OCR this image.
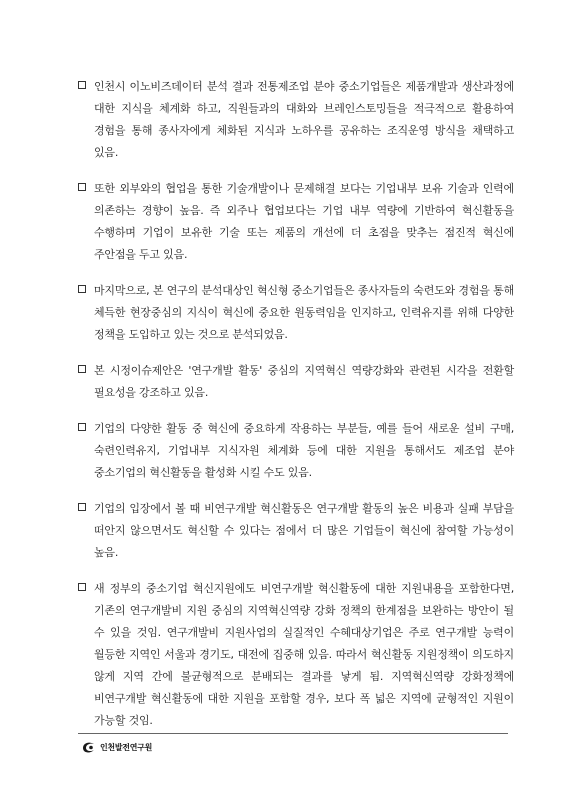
인천시 이노비즈데이터 분석 결과 전통제조업 분야 중소기업들은 제품개발과 생산과정에 대한 지식을 체계화 하고, 직원들과의 대화와 브레인스토밍들을 적극적으로 활용하여 경험을 통해 종사자에게 체화된 지식과 노하우를 공유하는 조직운영 방식을 채택하고 있음.

또한 외부와의 협업을 통한 기술개발이나 문제해결 보다는 기업내부 보유 기술과 인력에 의존하는 경향이 높음. 즉 외주나 협업보다는 기업 내부 역량에 기반하여 혁신활동을 수행하며 기업이 보유한 기술 또는 제품의 개선에 더 초점을 맞추는 점진적 혁신에 주안점을 두고 있음.

마지막으로, 본 연구의 분석대상인 혁신형 중소기업들은 종사자들의 숙련도와 경험을 통해 체득한 현장중심의 지식이 혁신에 중요한 원동력임을 인지하고, 인력유지를 위해 다양한 정책을 도입하고 있는 것으로 분석되었음.

본 시정이슈제안은 '연구개발 활동' 중심의 지역혁신 역량강화와 관련된 시각을 전환할 필요성을 강조하고 있음.

기업의 다양한 활동 중 혁신에 중요하게 작용하는 부분들, 예를 들어 새로운 설비 구매, 숙련인력유지, 기업내부 지식자원 체계화 등에 대한 지원을 통해서도 제조업 분야 중소기업의 혁신활동을 활성화 시킬 수도 있음.

기업의 입장에서 볼 때 비연구개발 혁신활동은 연구개발 활동의 높은 비용과 실패 부담을 떠안지 않으면서도 혁신할 수 있다는 점에서 더 많은 기업들이 혁신에 참여할 가능성이 높음.

새 정부의 중소기업 혁신지원에도 비연구개발 혁신활동에 대한 지원내용을 포함한다면, 기존의 연구개발비 지원 중심의 지역혁신역량 강화 정책의 한계점을 보완하는 방안이 될 수 있을 것임. 연구개발비 지원사업의 실질적인 수혜대상기업은 주로 연구개발 능력이 월등한 지역인 서울과 경기도, 대전에 집중해 있음. 따라서 혁신활동 지원정책이 의도하지 않게 지역 간에 불균형적으로 분배되는 결과를 낳게 됨. 지역혁신역량 강화정책에 비연구개발 혁신활동에 대한 지원을 포함할 경우, 보다 폭 넓은 지역에 균형적인 지원이 가능할 것임.

인천발전연구원
